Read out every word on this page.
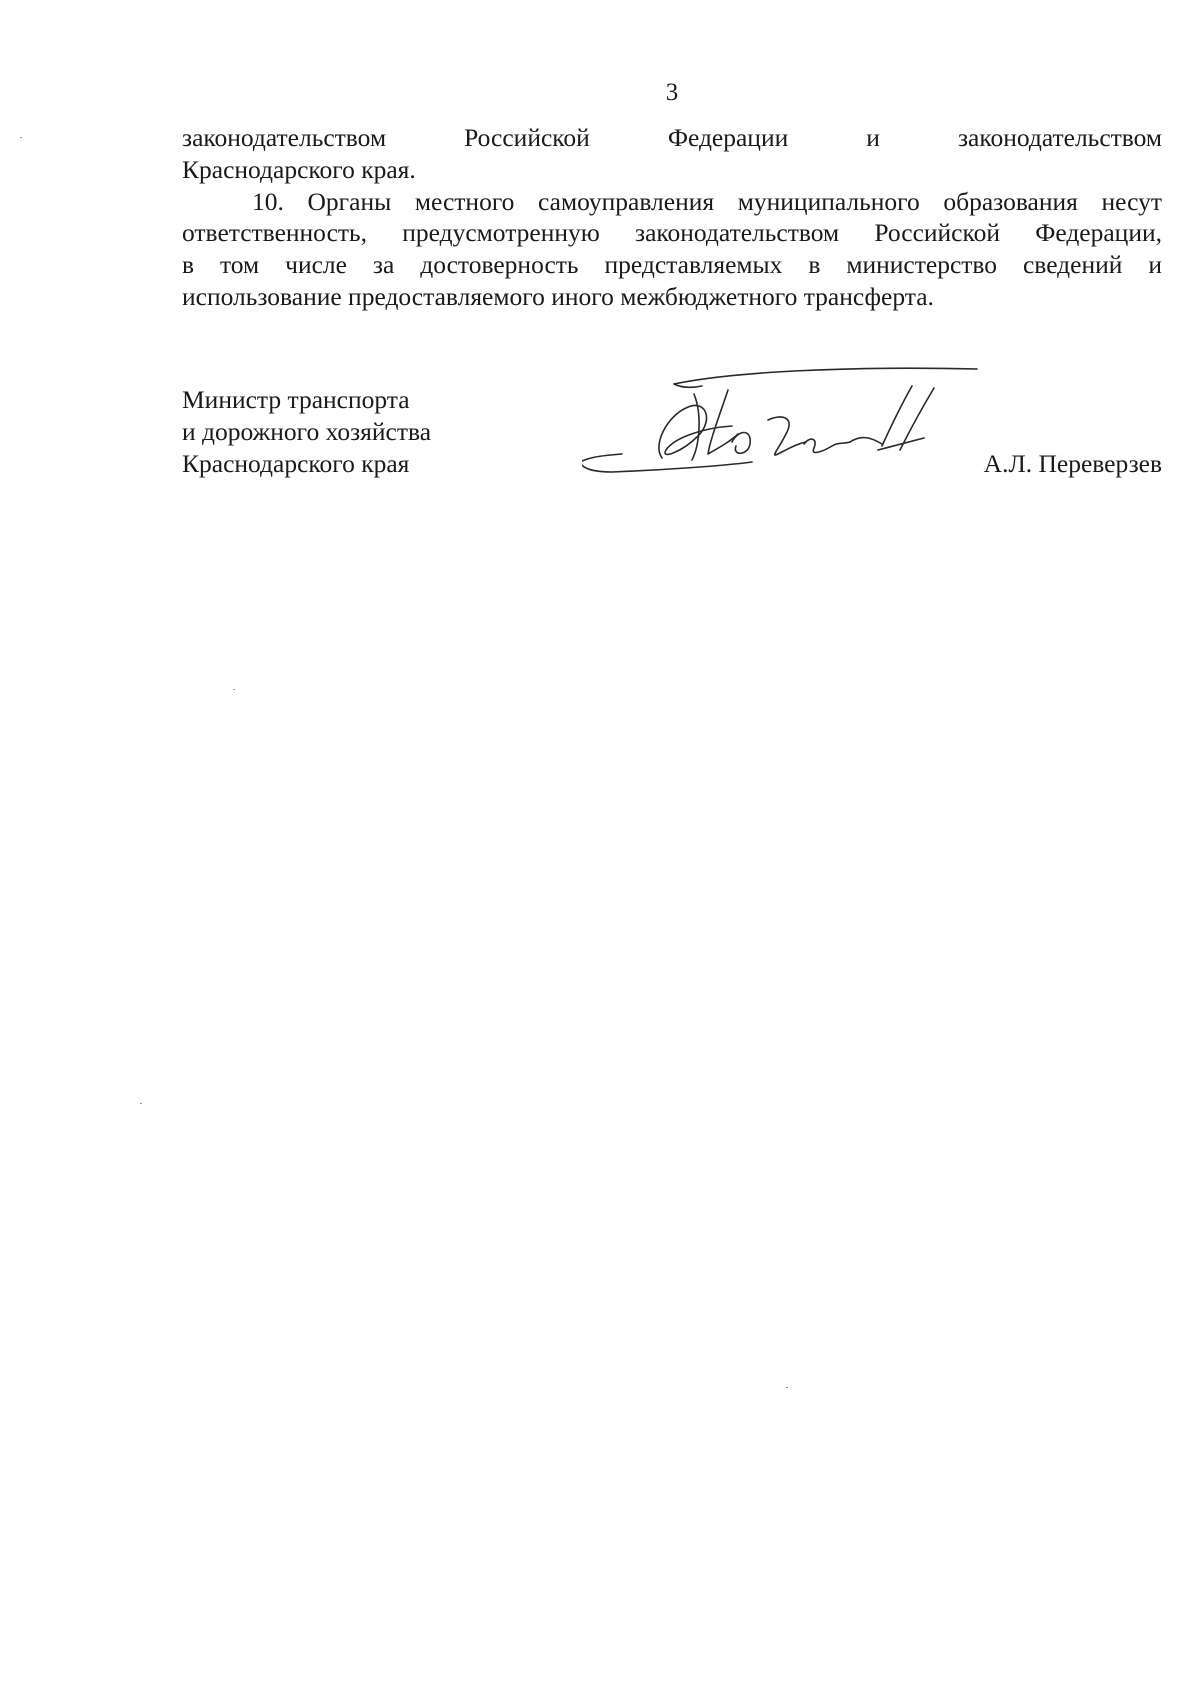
3
законодательством	Российской	Федерации	и	законодательством
Краснодарского края.
10. Органы местного самоуправления муниципального образования несут
ответственность, предусмотренную законодательством Российской Федерации,
в том числе за достоверность представляемых в министерство сведений и
использование предоставляемого иного межбюджетного трансферта.
Министр транспорта
и дорожного хозяйства
Краснодарского края	А.Л. Переверзев
